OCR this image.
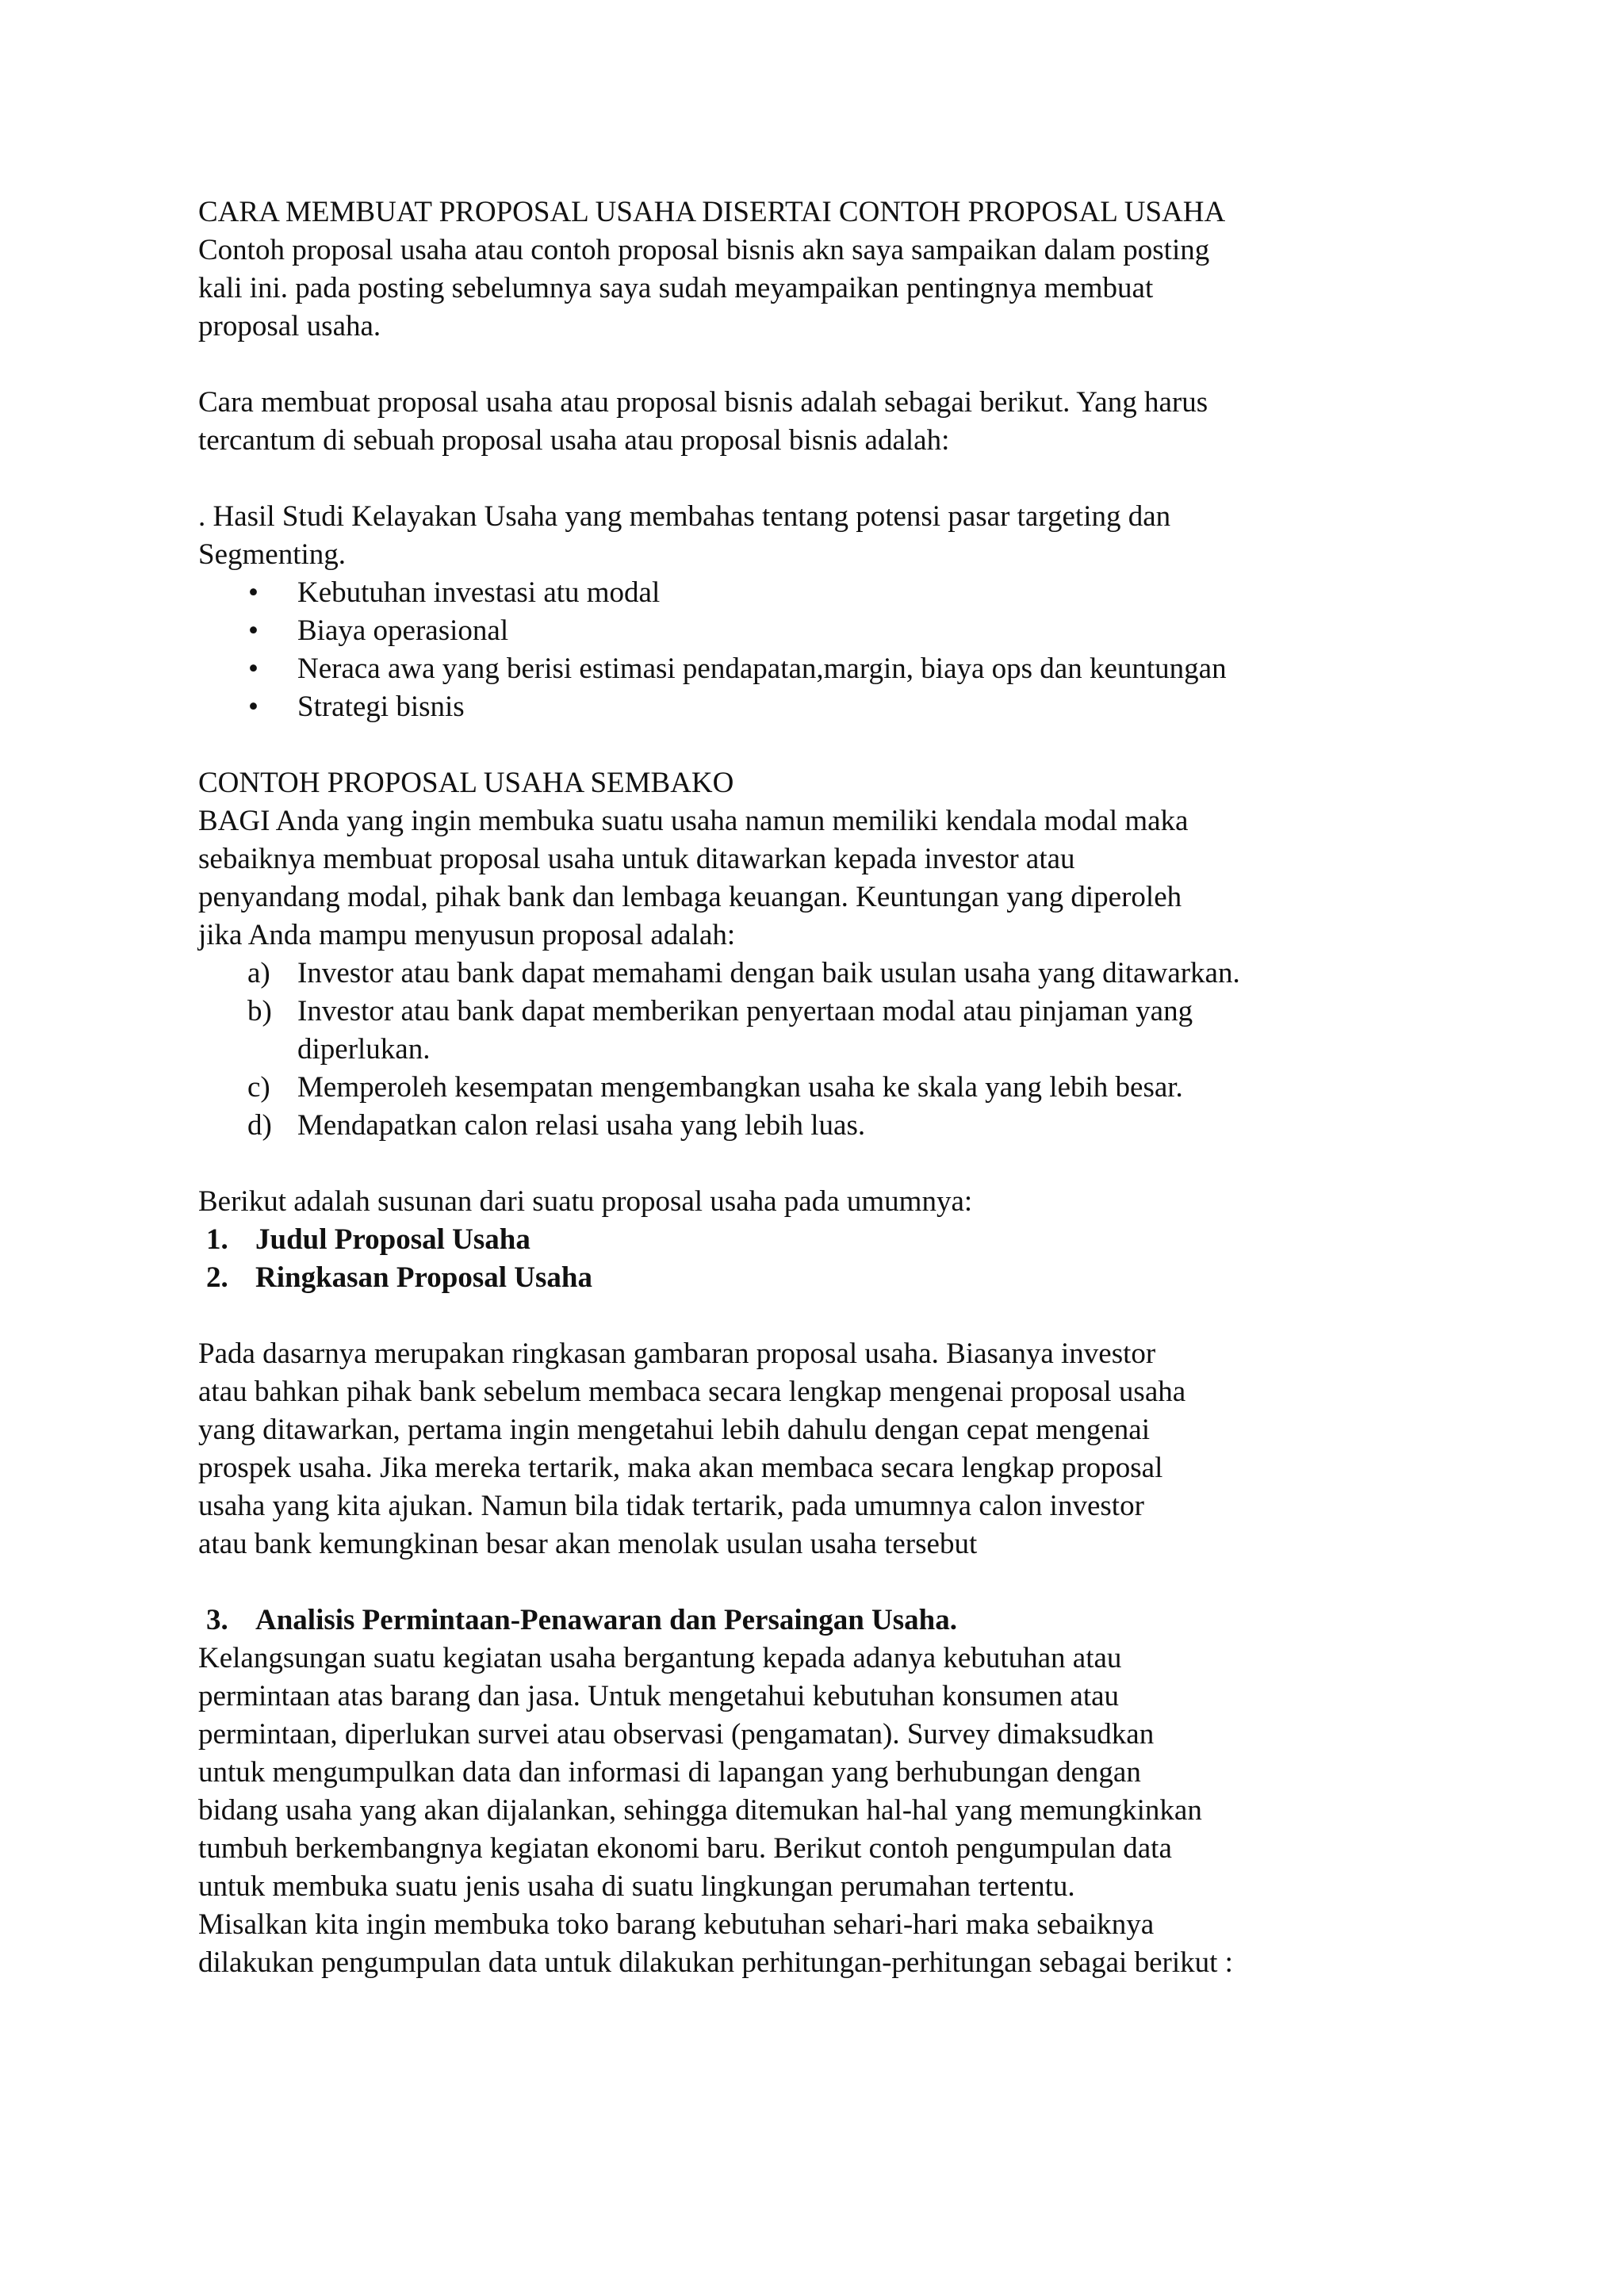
CARA MEMBUAT PROPOSAL USAHA DISERTAI CONTOH PROPOSAL USAHA

Contoh proposal usaha atau contoh proposal bisnis akn saya sampaikan dalam posting

kali ini. pada posting sebelumnya saya sudah meyampaikan pentingnya membuat

proposal usaha.

Cara membuat proposal usaha atau proposal bisnis adalah sebagai berikut. Yang harus

tercantum di sebuah proposal usaha atau proposal bisnis adalah:

. Hasil Studi Kelayakan Usaha yang membahas tentang potensi pasar targeting dan

Segmenting.

• Kebutuhan investasi atu modal

• Biaya operasional

• Neraca awa yang berisi estimasi pendapatan,margin, biaya ops dan keuntungan

• Strategi bisnis

CONTOH PROPOSAL USAHA SEMBAKO

BAGI Anda yang ingin membuka suatu usaha namun memiliki kendala modal maka

sebaiknya membuat proposal usaha untuk ditawarkan kepada investor atau

penyandang modal, pihak bank dan lembaga keuangan. Keuntungan yang diperoleh

jika Anda mampu menyusun proposal adalah:

a) Investor atau bank dapat memahami dengan baik usulan usaha yang ditawarkan.
b) Investor atau bank dapat memberikan penyertaan modal atau pinjaman yang
diperlukan.
c) Memperoleh kesempatan mengembangkan usaha ke skala yang lebih besar.
d) Mendapatkan calon relasi usaha yang lebih luas.

Berikut adalah susunan dari suatu proposal usaha pada umumnya:

1. Judul Proposal Usaha

2. Ringkasan Proposal Usaha

Pada dasarnya merupakan ringkasan gambaran proposal usaha. Biasanya investor

atau bahkan pihak bank sebelum membaca secara lengkap mengenai proposal usaha

yang ditawarkan, pertama ingin mengetahui lebih dahulu dengan cepat mengenai

prospek usaha. Jika mereka tertarik, maka akan membaca secara lengkap proposal

usaha yang kita ajukan. Namun bila tidak tertarik, pada umumnya calon investor

atau bank kemungkinan besar akan menolak usulan usaha tersebut

3. Analisis Permintaan-Penawaran dan Persaingan Usaha.

Kelangsungan suatu kegiatan usaha bergantung kepada adanya kebutuhan atau

permintaan atas barang dan jasa. Untuk mengetahui kebutuhan konsumen atau

permintaan, diperlukan survei atau observasi (pengamatan). Survey dimaksudkan

untuk mengumpulkan data dan informasi di lapangan yang berhubungan dengan

bidang usaha yang akan dijalankan, sehingga ditemukan hal-hal yang memungkinkan

tumbuh berkembangnya kegiatan ekonomi baru. Berikut contoh pengumpulan data

untuk membuka suatu jenis usaha di suatu lingkungan perumahan tertentu.

Misalkan kita ingin membuka toko barang kebutuhan sehari-hari maka sebaiknya

dilakukan pengumpulan data untuk dilakukan perhitungan-perhitungan sebagai berikut :
